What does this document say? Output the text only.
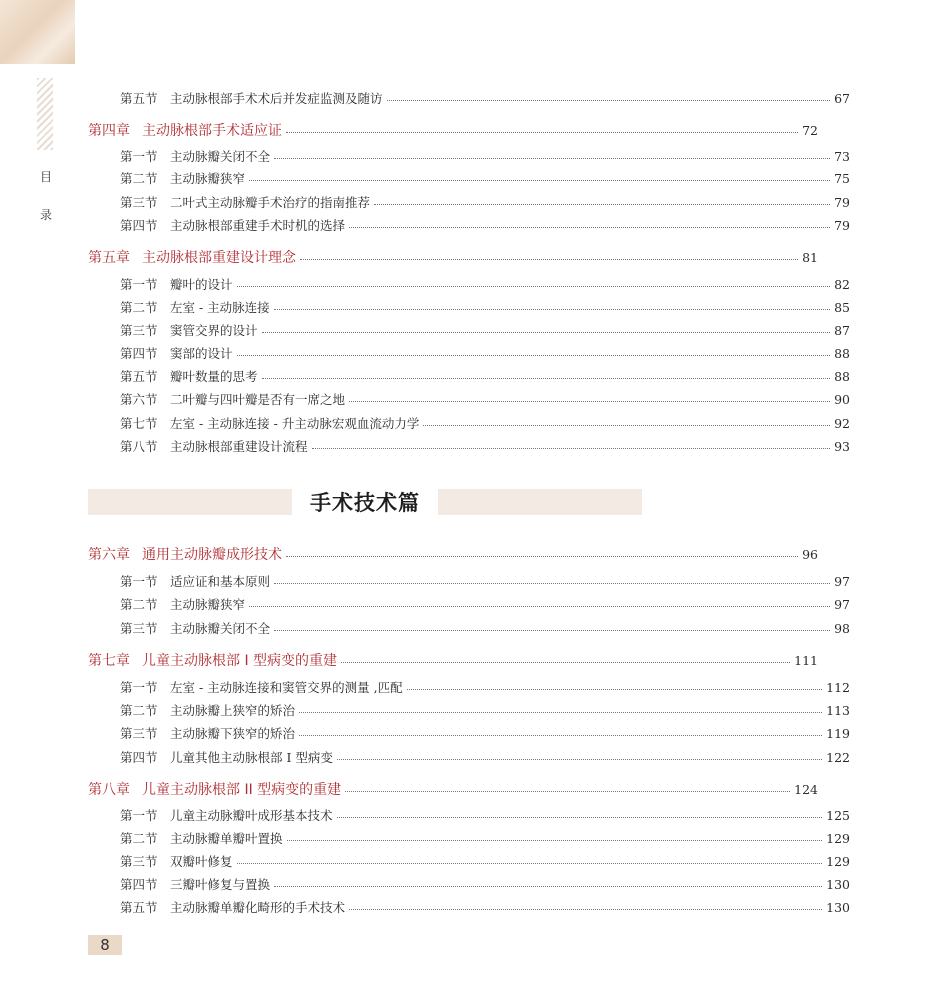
目
录
第五节 主动脉根部手术术后并发症监测及随访	67
第四章 主动脉根部手术适应证	72
第一节 主动脉瓣关闭不全	73
第二节 主动脉瓣狭窄	75
第三节 二叶式主动脉瓣手术治疗的指南推荐	79
第四节 主动脉根部重建手术时机的选择	79
第五章 主动脉根部重建设计理念	81
第一节 瓣叶的设计	82
第二节 左室 - 主动脉连接	85
第三节 窦管交界的设计	87
第四节 窦部的设计	88
第五节 瓣叶数量的思考	88
第六节 二叶瓣与四叶瓣是否有一席之地	90
第七节 左室 - 主动脉连接 - 升主动脉宏观血流动力学	92
第八节 主动脉根部重建设计流程	93
手术技术篇
第六章 通用主动脉瓣成形技术	96
第一节 适应证和基本原则	97
第二节 主动脉瓣狭窄	97
第三节 主动脉瓣关闭不全	98
第七章 儿童主动脉根部 I 型病变的重建	111
第一节 左室 - 主动脉连接和窦管交界的测量 ,匹配	112
第二节 主动脉瓣上狭窄的矫治	113
第三节 主动脉瓣下狭窄的矫治	119
第四节 儿童其他主动脉根部 I 型病变	122
第八章 儿童主动脉根部 II 型病变的重建	124
第一节 儿童主动脉瓣叶成形基本技术	125
第二节 主动脉瓣单瓣叶置换	129
第三节 双瓣叶修复	129
第四节 三瓣叶修复与置换	130
第五节 主动脉瓣单瓣化畸形的手术技术	130
8
